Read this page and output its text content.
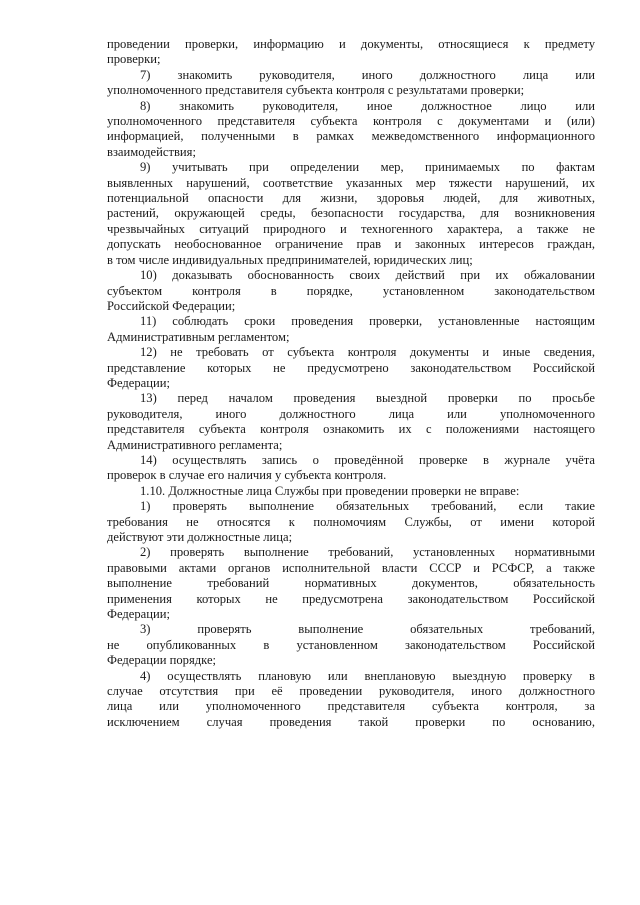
проведении проверки, информацию и документы, относящиеся к предмету
проверки;
7) знакомить руководителя, иного должностного лица или
уполномоченного представителя субъекта контроля с результатами проверки;
8) знакомить руководителя, иное должностное лицо или
уполномоченного представителя субъекта контроля с документами и (или)
информацией, полученными в рамках межведомственного информационного
взаимодействия;
9) учитывать при определении мер, принимаемых по фактам
выявленных нарушений, соответствие указанных мер тяжести нарушений, их
потенциальной опасности для жизни, здоровья людей, для животных,
растений, окружающей среды, безопасности государства, для возникновения
чрезвычайных ситуаций природного и техногенного характера, а также не
допускать необоснованное ограничение прав и законных интересов граждан,
в том числе индивидуальных предпринимателей, юридических лиц;
10) доказывать обоснованность своих действий при их обжаловании
субъектом контроля в порядке, установленном законодательством
Российской Федерации;
11) соблюдать сроки проведения проверки, установленные настоящим
Административным регламентом;
12) не требовать от субъекта контроля документы и иные сведения,
представление которых не предусмотрено законодательством Российской
Федерации;
13) перед началом проведения выездной проверки по просьбе
руководителя, иного должностного лица или уполномоченного
представителя субъекта контроля ознакомить их с положениями настоящего
Административного регламента;
14) осуществлять запись о проведённой проверке в журнале учёта
проверок в случае его наличия у субъекта контроля.
1.10. Должностные лица Службы при проведении проверки не вправе:
1) проверять выполнение обязательных требований, если такие
требования не относятся к полномочиям Службы, от имени которой
действуют эти должностные лица;
2) проверять выполнение требований, установленных нормативными
правовыми актами органов исполнительной власти СССР и РСФСР, а также
выполнение требований нормативных документов, обязательность
применения которых не предусмотрена законодательством Российской
Федерации;
3) проверять выполнение обязательных требований,
не опубликованных в установленном законодательством Российской
Федерации порядке;
4) осуществлять плановую или внеплановую выездную проверку в
случае отсутствия при её проведении руководителя, иного должностного
лица или уполномоченного представителя субъекта контроля, за
исключением случая проведения такой проверки по основанию,
